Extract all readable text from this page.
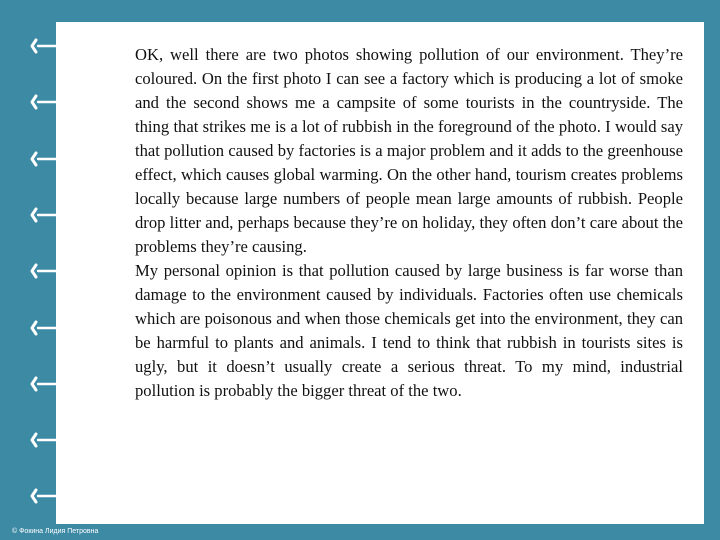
OK, well there are two photos showing pollution of our environment. They’re coloured. On the first photo I can see a factory which is producing a lot of smoke and the second shows me a campsite of some tourists in the countryside. The thing that strikes me is a lot of rubbish in the foreground of the photo. I would say that pollution caused by factories is a major problem and it adds to the greenhouse effect, which causes global warming. On the other hand, tourism creates problems locally because large numbers of people mean large amounts of rubbish. People drop litter and, perhaps because they’re on holiday, they often don’t care about the problems they’re causing.

My personal opinion is that pollution caused by large business is far worse than damage to the environment caused by individuals. Factories often use chemicals which are poisonous and when those chemicals get into the environment, they can be harmful to plants and animals. I tend to think that rubbish in tourists sites is ugly, but it doesn’t usually create a serious threat. To my mind, industrial pollution is probably the bigger threat of the two.

© Фокина Лидия Петровна
